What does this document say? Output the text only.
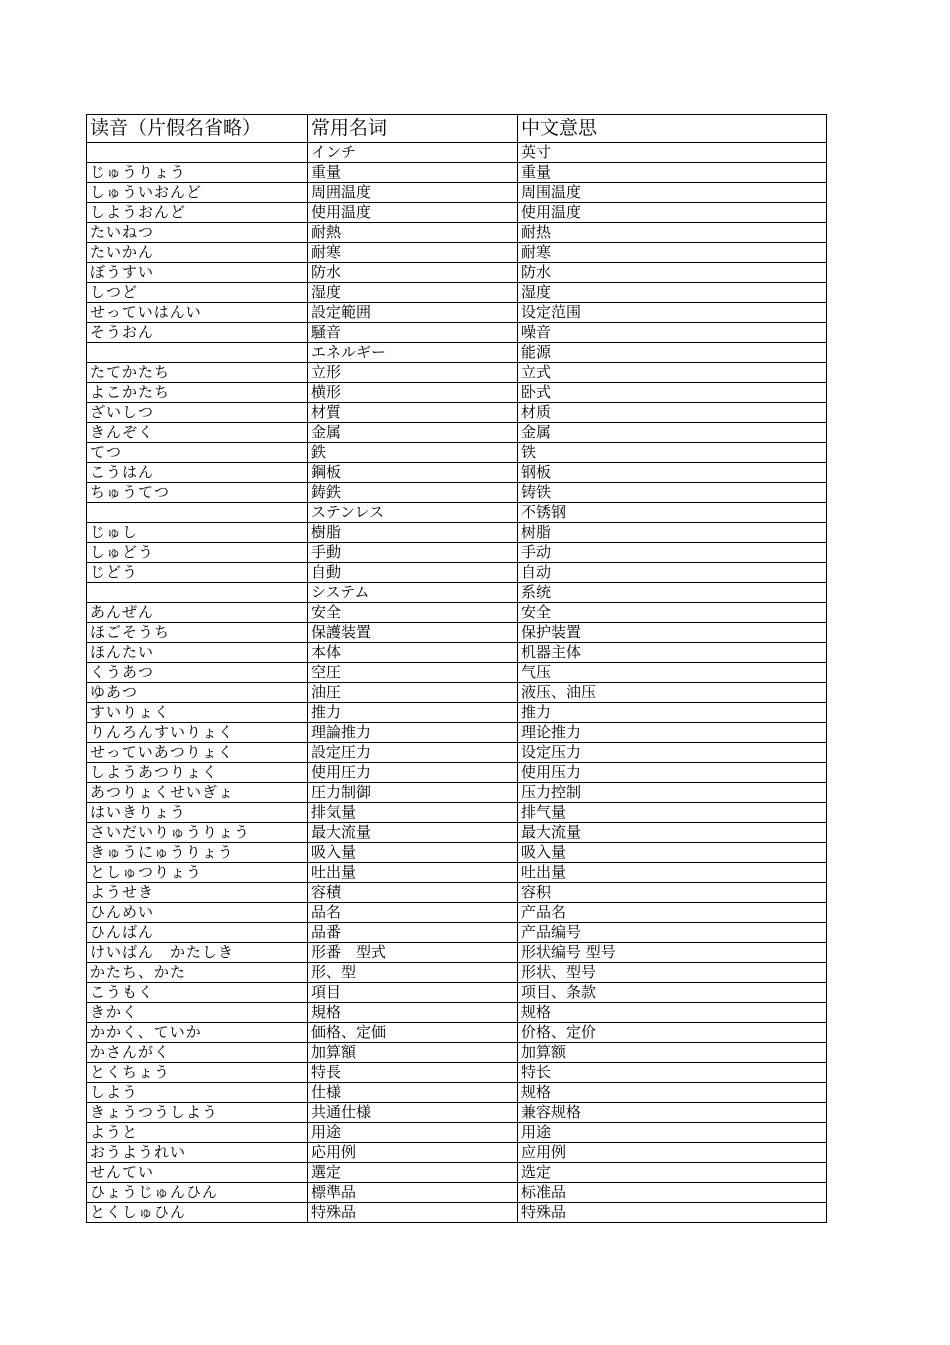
读音（片假名省略）	常用名词	中文意思
	インチ	英寸
じゅうりょう	重量	重量
しゅういおんど	周囲温度	周围温度
しようおんど	使用温度	使用温度
たいねつ	耐熱	耐热
たいかん	耐寒	耐寒
ぼうすい	防水	防水
しつど	湿度	湿度
せっていはんい	設定範囲	设定范围
そうおん	騒音	噪音
	エネルギー	能源
たてかたち	立形	立式
よこかたち	横形	卧式
ざいしつ	材質	材质
きんぞく	金属	金属
てつ	鉄	铁
こうはん	鋼板	钢板
ちゅうてつ	鋳鉄	铸铁
	ステンレス	不锈钢
じゅし	樹脂	树脂
しゅどう	手動	手动
じどう	自動	自动
	システム	系统
あんぜん	安全	安全
ほごそうち	保護装置	保护装置
ほんたい	本体	机器主体
くうあつ	空圧	气压
ゆあつ	油圧	液压、油压
すいりょく	推力	推力
りんろんすいりょく	理論推力	理论推力
せっていあつりょく	設定圧力	设定压力
しようあつりょく	使用圧力	使用压力
あつりょくせいぎょ	圧力制御	压力控制
はいきりょう	排気量	排气量
さいだいりゅうりょう	最大流量	最大流量
きゅうにゅうりょう	吸入量	吸入量
としゅつりょう	吐出量	吐出量
ようせき	容積	容积
ひんめい	品名	产品名
ひんばん	品番	产品编号
けいばん　かたしき	形番　型式	形状编号 型号
かたち、かた	形、型	形状、型号
こうもく	項目	项目、条款
きかく	規格	规格
かかく、ていか	価格、定価	价格、定价
かさんがく	加算額	加算额
とくちょう	特長	特长
しよう	仕様	规格
きょうつうしよう	共通仕様	兼容规格
ようと	用途	用途
おうようれい	応用例	应用例
せんてい	選定	选定
ひょうじゅんひん	標準品	标准品
とくしゅひん	特殊品	特殊品
